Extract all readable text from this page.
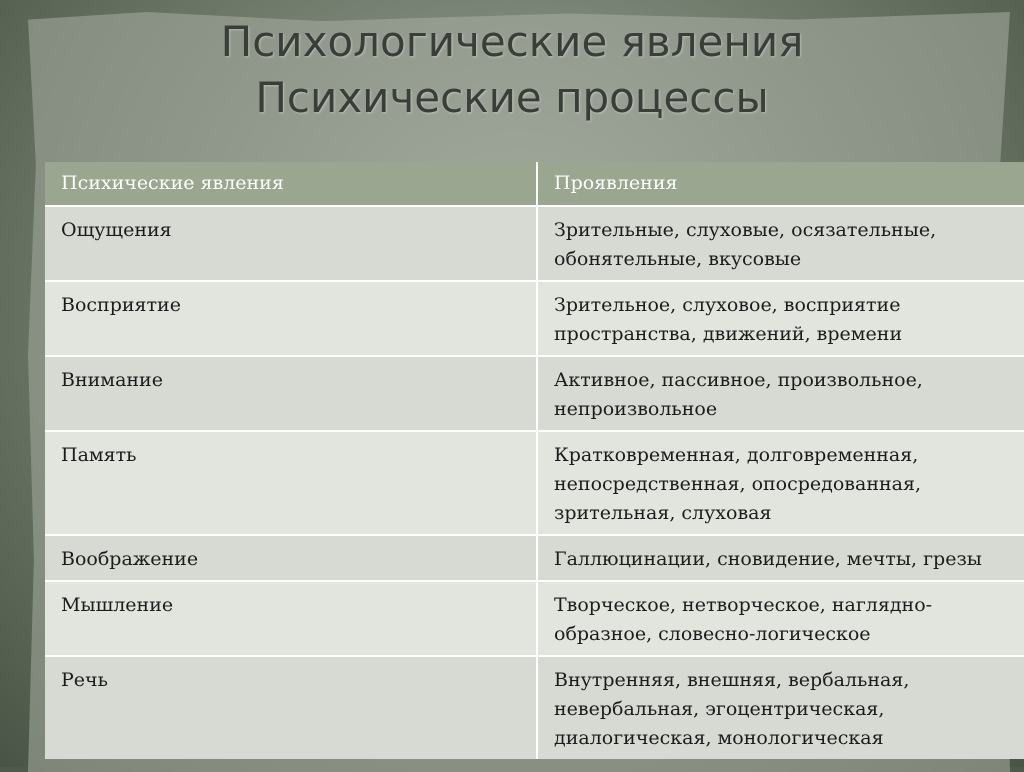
Психологические явления
Психические процессы
Психические явления	Проявления
Ощущения	Зрительные, слуховые, осязательные, обонятельные, вкусовые
Восприятие	Зрительное, слуховое, восприятие пространства, движений, времени
Внимание	Активное, пассивное, произвольное, непроизвольное
Память	Кратковременная, долговременная, непосредственная, опосредованная, зрительная, слуховая
Воображение	Галлюцинации, сновидение, мечты, грезы
Мышление	Творческое, нетворческое, наглядно-образное, словесно-логическое
Речь	Внутренняя, внешняя, вербальная, невербальная, эгоцентрическая, диалогическая, монологическая
